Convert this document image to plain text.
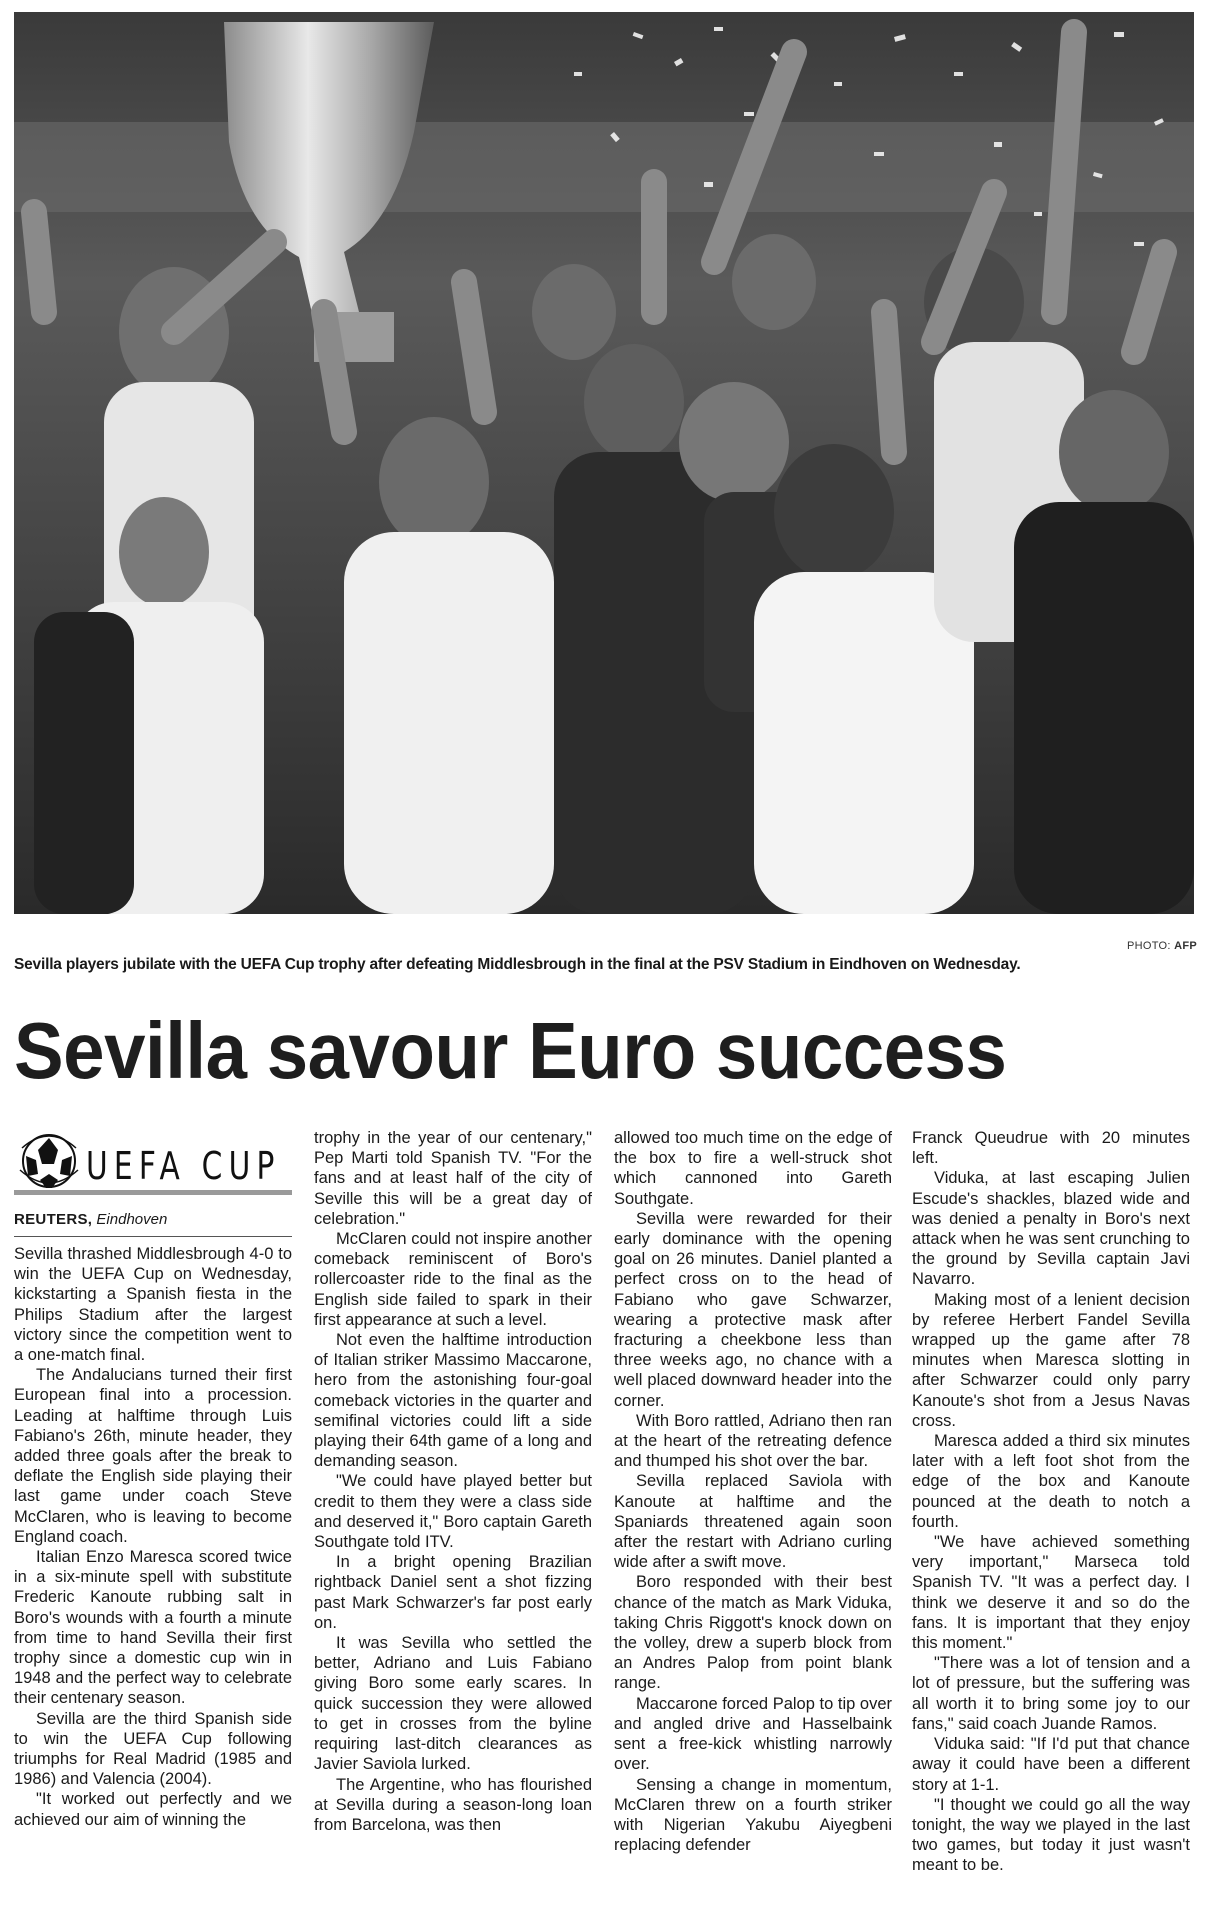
PHOTO: AFP
Sevilla players jubilate with the UEFA Cup trophy after defeating Middlesbrough in the final at the PSV Stadium in Eindhoven on Wednesday.
Sevilla savour Euro success
UEFA CUP
REUTERS, Eindhoven

Sevilla thrashed Middlesbrough 4-0 to win the UEFA Cup on Wednesday, kickstarting a Spanish fiesta in the Philips Stadium after the largest victory since the competition went to a one-match final.

The Andalucians turned their first European final into a procession. Leading at halftime through Luis Fabiano's 26th, minute header, they added three goals after the break to deflate the English side playing their last game under coach Steve McClaren, who is leaving to become England coach.

Italian Enzo Maresca scored twice in a six-minute spell with substitute Frederic Kanoute rubbing salt in Boro's wounds with a fourth a minute from time to hand Sevilla their first trophy since a domestic cup win in 1948 and the perfect way to celebrate their centenary season.

Sevilla are the third Spanish side to win the UEFA Cup following triumphs for Real Madrid (1985 and 1986) and Valencia (2004).

"It worked out perfectly and we achieved our aim of winning the

trophy in the year of our centenary," Pep Marti told Spanish TV. "For the fans and at least half of the city of Seville this will be a great day of celebration."

McClaren could not inspire another comeback reminiscent of Boro's rollercoaster ride to the final as the English side failed to spark in their first appearance at such a level.

Not even the halftime introduction of Italian striker Massimo Maccarone, hero from the astonishing four-goal comeback victories in the quarter and semifinal victories could lift a side playing their 64th game of a long and demanding season.

"We could have played better but credit to them they were a class side and deserved it," Boro captain Gareth Southgate told ITV.

In a bright opening Brazilian rightback Daniel sent a shot fizzing past Mark Schwarzer's far post early on.

It was Sevilla who settled the better, Adriano and Luis Fabiano giving Boro some early scares. In quick succession they were allowed to get in crosses from the byline requiring last-ditch clearances as Javier Saviola lurked.

The Argentine, who has flourished at Sevilla during a season-long loan from Barcelona, was then

allowed too much time on the edge of the box to fire a well-struck shot which cannoned into Gareth Southgate.

Sevilla were rewarded for their early dominance with the opening goal on 26 minutes. Daniel planted a perfect cross on to the head of Fabiano who gave Schwarzer, wearing a protective mask after fracturing a cheekbone less than three weeks ago, no chance with a well placed downward header into the corner.

With Boro rattled, Adriano then ran at the heart of the retreating defence and thumped his shot over the bar.

Sevilla replaced Saviola with Kanoute at halftime and the Spaniards threatened again soon after the restart with Adriano curling wide after a swift move.

Boro responded with their best chance of the match as Mark Viduka, taking Chris Riggott's knock down on the volley, drew a superb block from an Andres Palop from point blank range.

Maccarone forced Palop to tip over and angled drive and Hasselbaink sent a free-kick whistling narrowly over.

Sensing a change in momentum, McClaren threw on a fourth striker with Nigerian Yakubu Aiyegbeni replacing defender

Franck Queudrue with 20 minutes left.

Viduka, at last escaping Julien Escude's shackles, blazed wide and was denied a penalty in Boro's next attack when he was sent crunching to the ground by Sevilla captain Javi Navarro.

Making most of a lenient decision by referee Herbert Fandel Sevilla wrapped up the game after 78 minutes when Maresca slotting in after Schwarzer could only parry Kanoute's shot from a Jesus Navas cross.

Maresca added a third six minutes later with a left foot shot from the edge of the box and Kanoute pounced at the death to notch a fourth.

"We have achieved something very important," Marseca told Spanish TV. "It was a perfect day. I think we deserve it and so do the fans. It is important that they enjoy this moment."

"There was a lot of tension and a lot of pressure, but the suffering was all worth it to bring some joy to our fans," said coach Juande Ramos.

Viduka said: "If I'd put that chance away it could have been a different story at 1-1.

"I thought we could go all the way tonight, the way we played in the last two games, but today it just wasn't meant to be.
